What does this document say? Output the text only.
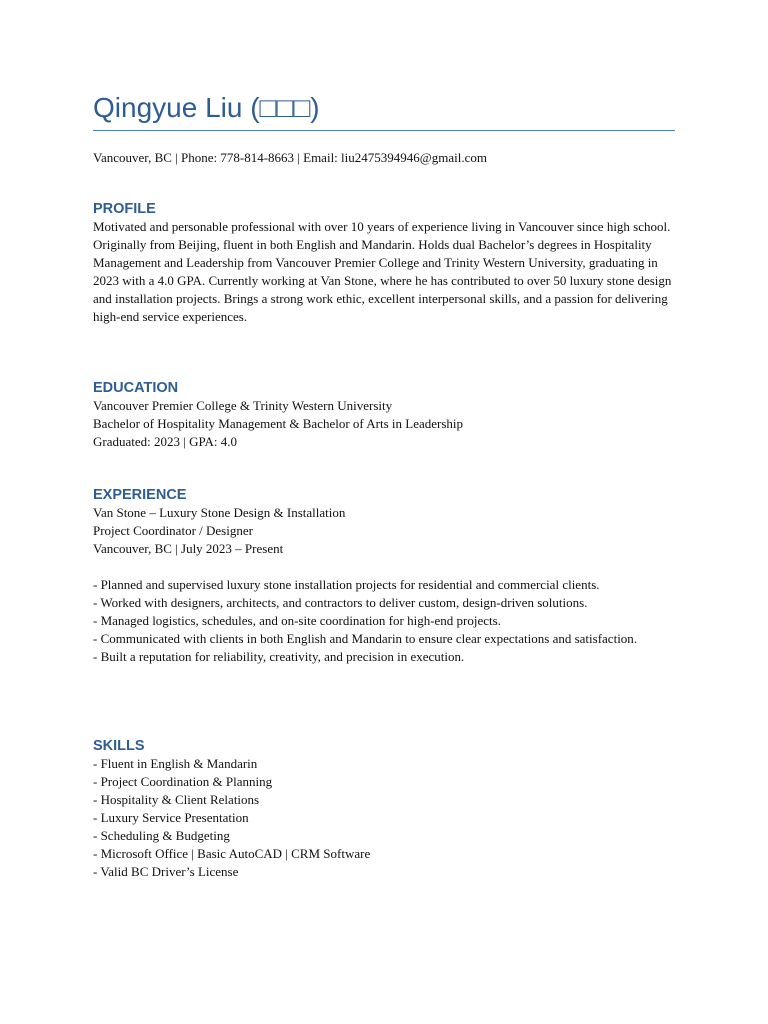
Qingyue Liu (□□□)
Vancouver, BC | Phone: 778-814-8663 | Email: liu2475394946@gmail.com
PROFILE

Motivated and personable professional with over 10 years of experience living in Vancouver since high school. Originally from Beijing, fluent in both English and Mandarin. Holds dual Bachelor’s degrees in Hospitality Management and Leadership from Vancouver Premier College and Trinity Western University, graduating in 2023 with a 4.0 GPA. Currently working at Van Stone, where he has contributed to over 50 luxury stone design and installation projects. Brings a strong work ethic, excellent interpersonal skills, and a passion for delivering high-end service experiences.

EDUCATION

Vancouver Premier College & Trinity Western University

Bachelor of Hospitality Management & Bachelor of Arts in Leadership

Graduated: 2023 | GPA: 4.0

EXPERIENCE

Van Stone – Luxury Stone Design & Installation

Project Coordinator / Designer

Vancouver, BC | July 2023 – Present

- Planned and supervised luxury stone installation projects for residential and commercial clients.

- Worked with designers, architects, and contractors to deliver custom, design-driven solutions.

- Managed logistics, schedules, and on-site coordination for high-end projects.

- Communicated with clients in both English and Mandarin to ensure clear expectations and satisfaction.

- Built a reputation for reliability, creativity, and precision in execution.

SKILLS

- Fluent in English & Mandarin

- Project Coordination & Planning

- Hospitality & Client Relations

- Luxury Service Presentation

- Scheduling & Budgeting

- Microsoft Office | Basic AutoCAD | CRM Software

- Valid BC Driver’s License
